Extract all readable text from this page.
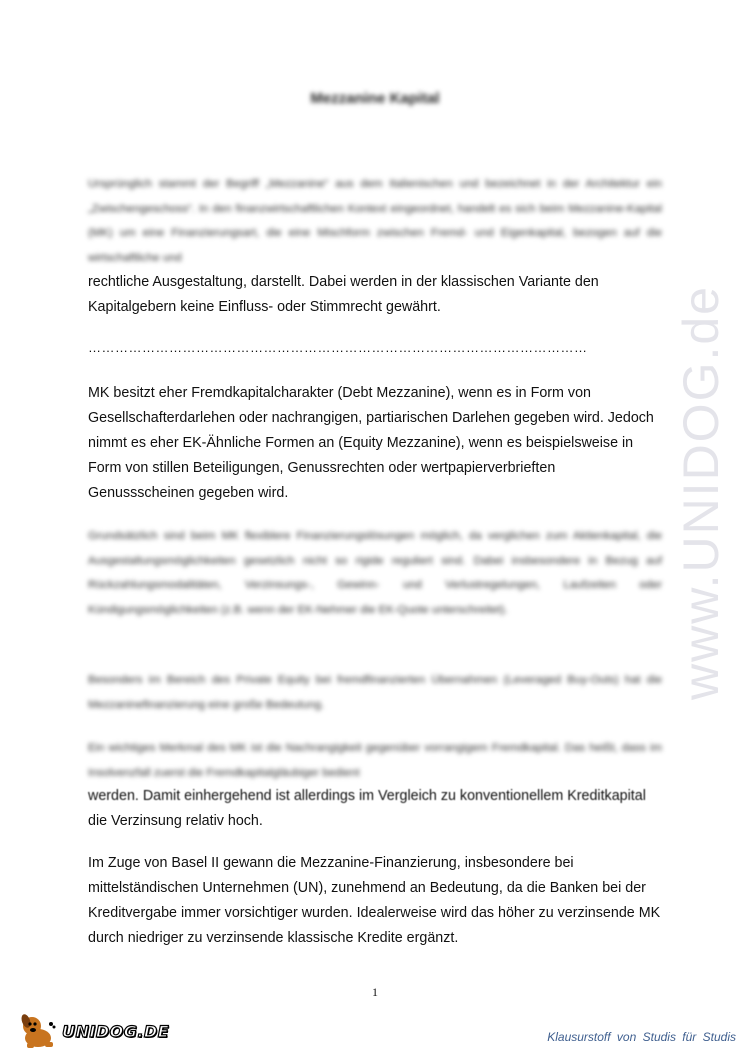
Mezzanine Kapital

Ursprünglich stammt der Begriff „Mezzanine“ aus dem Italienischen und bezeichnet in der Architektur ein „Zwischengeschoss“. In den finanzwirtschaftlichen Kontext eingeordnet, handelt es sich beim Mezzanine-Kapital (MK) um eine Finanzierungsart, die eine Mischform zwischen Fremd- und Eigenkapital, bezogen auf die wirtschaftliche und

rechtliche Ausgestaltung, darstellt. Dabei werden in der klassischen Variante den Kapitalgebern keine Einfluss- oder Stimmrecht gewährt.

…………………………………………………………………………………………………

MK besitzt eher Fremdkapitalcharakter (Debt Mezzanine), wenn es in Form von Gesellschafterdarlehen oder nachrangigen, partiarischen Darlehen gegeben wird. Jedoch nimmt es eher EK-Ähnliche Formen an (Equity Mezzanine), wenn es beispielsweise in Form von stillen Beteiligungen, Genussrechten oder wertpapierverbrieften Genussscheinen gegeben wird.

Grundsätzlich sind beim MK flexiblere Finanzierungslösungen möglich, da verglichen zum Aktienkapital, die Ausgestaltungsmöglichkeiten gesetzlich nicht so rigide reguliert sind. Dabei insbesondere in Bezug auf Rückzahlungsmodalitäten, Verzinsungs-, Gewinn- und Verlustregelungen, Laufzeiten oder Kündigungsmöglichkeiten (z.B. wenn der EK-Nehmer die EK-Quote unterschreitet).

Besonders im Bereich des Private Equity bei fremdfinanzierten Übernahmen (Leveraged Buy-Outs) hat die Mezzaninefinanzierung eine große Bedeutung.

Ein wichtiges Merkmal des MK ist die Nachrangigkeit gegenüber vorrangigem Fremdkapital. Das heißt, dass im Insolvenzfall zuerst die Fremdkapitalgläubiger bedient

werden. Damit einhergehend ist allerdings im Vergleich zu konventionellem Kreditkapital

die Verzinsung relativ hoch.

Im Zuge von Basel II gewann die Mezzanine-Finanzierung, insbesondere bei mittelständischen Unternehmen (UN), zunehmend an Bedeutung, da die Banken bei der Kreditvergabe immer vorsichtiger wurden. Idealerweise wird das höher zu verzinsende MK durch niedriger zu verzinsende klassische Kredite ergänzt.

www.UNIDOG.de
1
UNIDOG.DE	Klausurstoff von Studis für Studis
